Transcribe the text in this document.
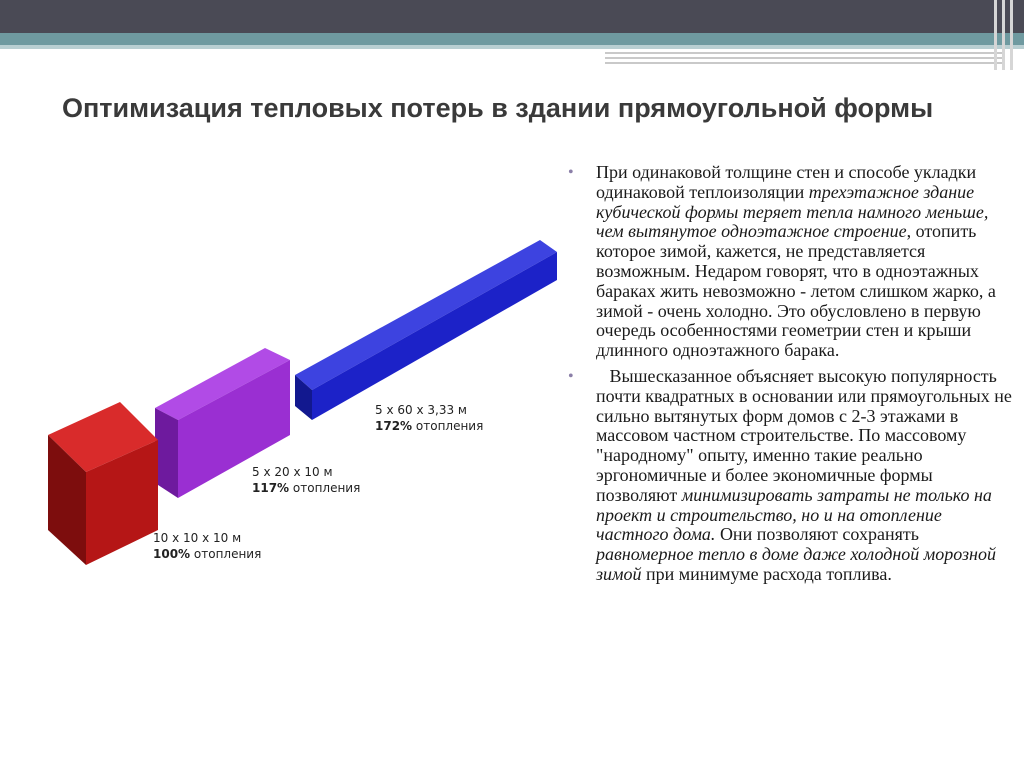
Оптимизация тепловых потерь в здании прямоугольной формы
10 х 10 х 10 м
100% отопления
5 х 20 х 10 м
117% отопления
5 х 60 х 3,33 м
172% отопления

• При одинаковой толщине стен и способе укладки одинаковой теплоизоляции трехэтажное здание кубической формы теряет тепла намного меньше, чем вытянутое одноэтажное строение, отопить которое зимой, кажется, не представляется возможным. Недаром говорят, что в одноэтажных бараках жить невозможно - летом слишком жарко, а зимой - очень холодно. Это обусловлено в первую очередь особенностями геометрии стен и крыши длинного одноэтажного барака.

• Вышесказанное объясняет высокую популярность почти квадратных в основании или прямоугольных не сильно вытянутых форм домов с 2-3 этажами в массовом частном строительстве. По массовому "народному" опыту, именно такие реально эргономичные и более экономичные формы позволяют минимизировать затраты не только на проект и строительство, но и на отопление частного дома. Они позволяют сохранять равномерное тепло в доме даже холодной морозной зимой при минимуме расхода топлива.
